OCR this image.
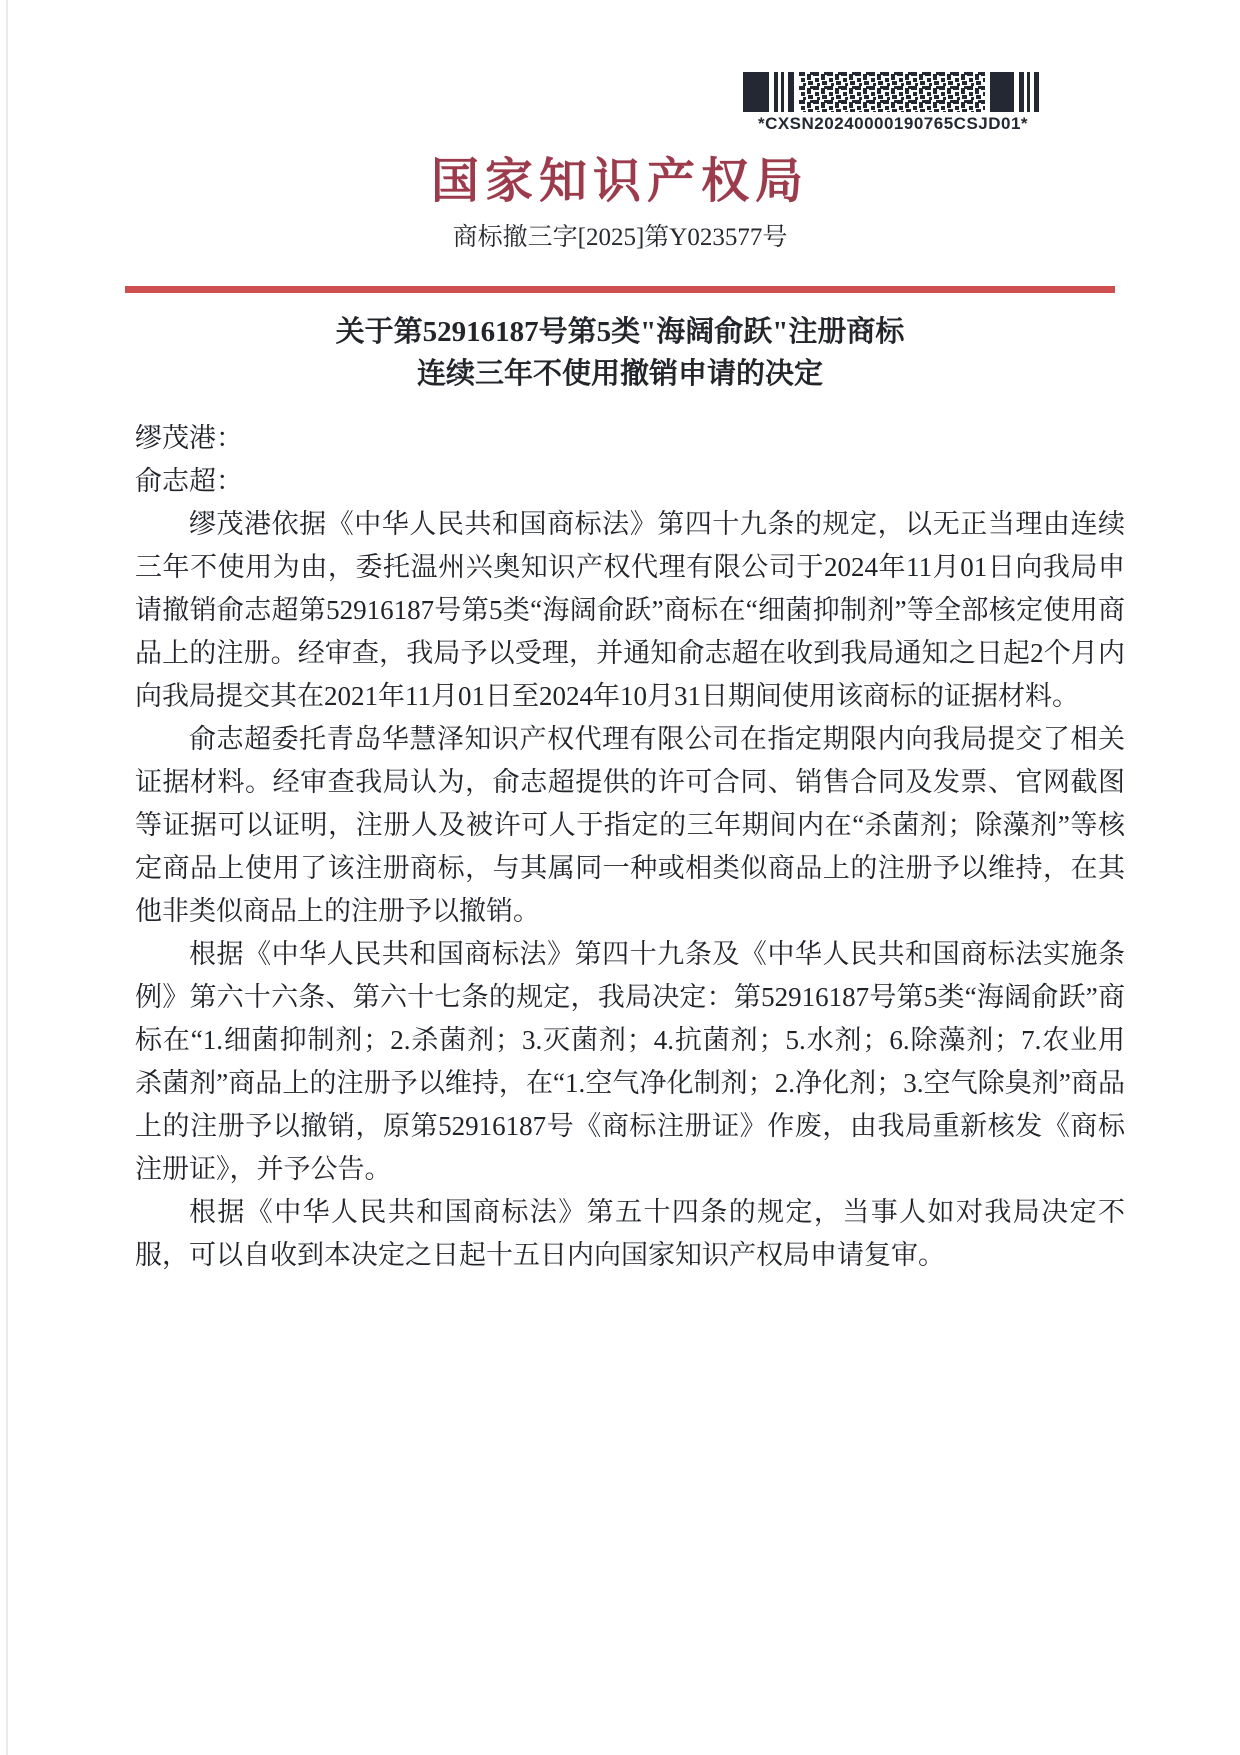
*CXSN20240000190765CSJD01*
国家知识产权局
商标撤三字[2025]第Y023577号
关于第52916187号第5类"海阔俞跃"注册商标
连续三年不使用撤销申请的决定
缪茂港：
俞志超：

缪茂港依据《中华人民共和国商标法》第四十九条的规定，以无正当理由连续三年不使用为由，委托温州兴奥知识产权代理有限公司于2024年11月01日向我局申请撤销俞志超第52916187号第5类“海阔俞跃”商标在“细菌抑制剂”等全部核定使用商品上的注册。经审查，我局予以受理，并通知俞志超在收到我局通知之日起2个月内向我局提交其在2021年11月01日至2024年10月31日期间使用该商标的证据材料。

俞志超委托青岛华慧泽知识产权代理有限公司在指定期限内向我局提交了相关证据材料。经审查我局认为，俞志超提供的许可合同、销售合同及发票、官网截图等证据可以证明，注册人及被许可人于指定的三年期间内在“杀菌剂；除藻剂”等核定商品上使用了该注册商标，与其属同一种或相类似商品上的注册予以维持，在其他非类似商品上的注册予以撤销。

根据《中华人民共和国商标法》第四十九条及《中华人民共和国商标法实施条例》第六十六条、第六十七条的规定，我局决定：第52916187号第5类“海阔俞跃”商标在“1.细菌抑制剂；2.杀菌剂；3.灭菌剂；4.抗菌剂；5.水剂；6.除藻剂；7.农业用杀菌剂”商品上的注册予以维持，在“1.空气净化制剂；2.净化剂；3.空气除臭剂”商品上的注册予以撤销，原第52916187号《商标注册证》作废，由我局重新核发《商标注册证》，并予公告。

根据《中华人民共和国商标法》第五十四条的规定，当事人如对我局决定不服，可以自收到本决定之日起十五日内向国家知识产权局申请复审。
